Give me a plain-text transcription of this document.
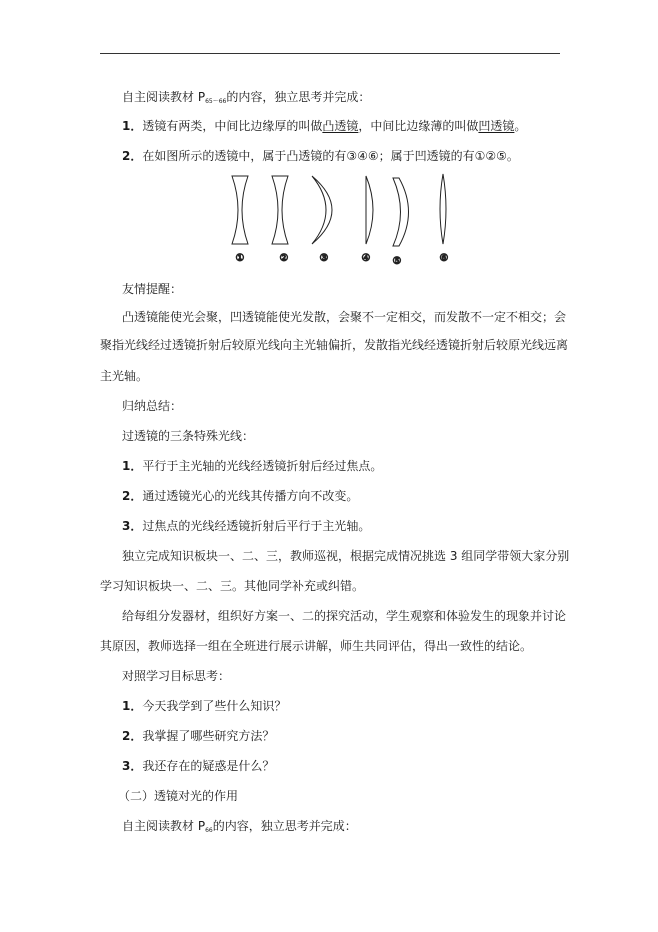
自主阅读教材 $P_{65\sim 66}$的内容，独立思考并完成：
1．透镜有两类，中间比边缘厚的叫做凸透镜，中间比边缘薄的叫做凹透镜。
2．在如图所示的透镜中，属于凸透镜的有③④⑥；属于凹透镜的有①②⑤。
①	②	③	④ ⑤	⑥
友情提醒：
凸透镜能使光会聚，凹透镜能使光发散，会聚不一定相交，而发散不一定不相交；会
聚指光线经过透镜折射后较原光线向主光轴偏折，发散指光线经透镜折射后较原光线远离
主光轴。
归纳总结：
过透镜的三条特殊光线：
1．平行于主光轴的光线经透镜折射后经过焦点。
2．通过透镜光心的光线其传播方向不改变。
3．过焦点的光线经透镜折射后平行于主光轴。
独立完成知识板块一、二、三，教师巡视，根据完成情况挑选 3 组同学带领大家分别
学习知识板块一、二、三。其他同学补充或纠错。
给每组分发器材，组织好方案一、二的探究活动，学生观察和体验发生的现象并讨论
其原因，教师选择一组在全班进行展示讲解，师生共同评估，得出一致性的结论。
对照学习目标思考：
1．今天我学到了些什么知识？
2．我掌握了哪些研究方法？
3．我还存在的疑惑是什么？
（二）透镜对光的作用
自主阅读教材 $P_{66}$的内容，独立思考并完成：
